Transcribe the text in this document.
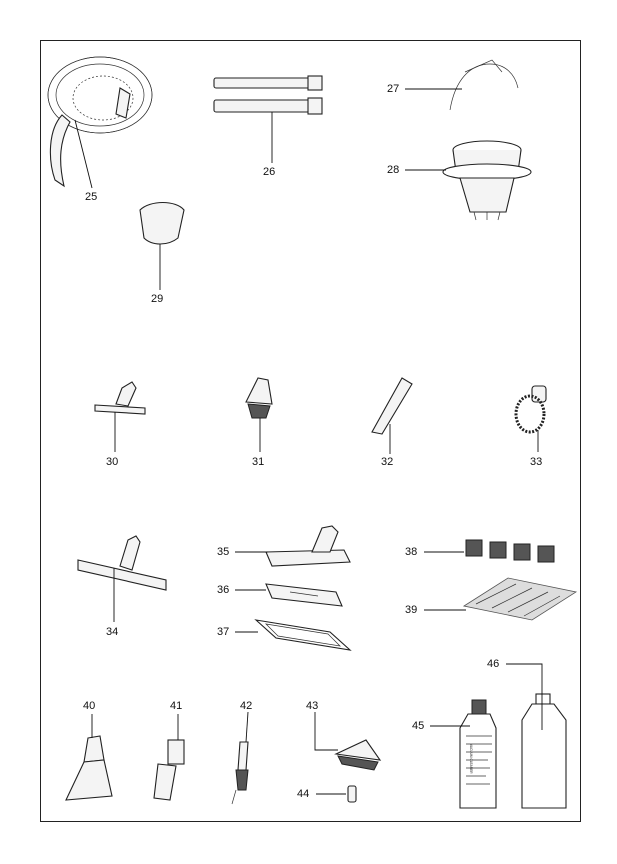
VACUUM CLEANER
25
26
27
28
29
30	31	32	33
34
35
36
37
38
39
40	41	42	43
44
45
46
